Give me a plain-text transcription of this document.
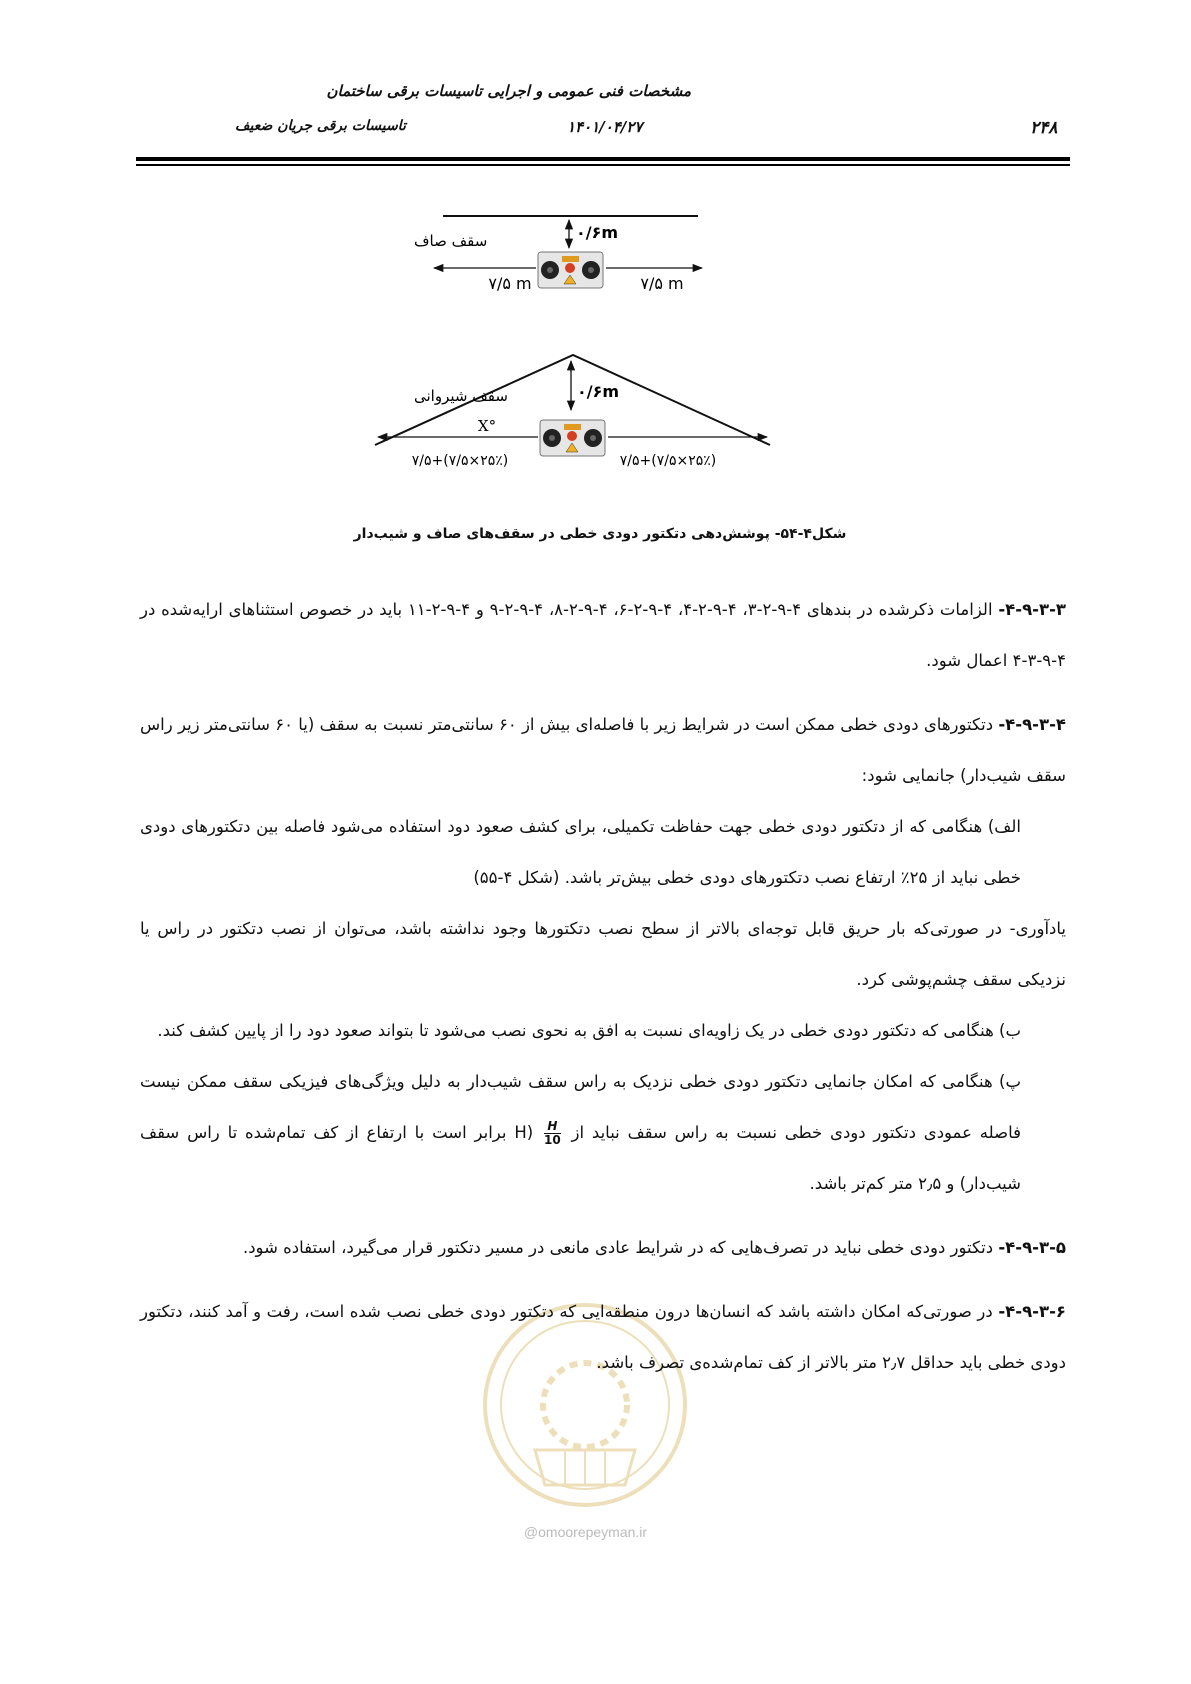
مشخصات فنی عمومی و اجرایی تاسیسات برقی ساختمان
تاسیسات برقی جریان ضعیف	۱۴۰۱/۰۴/۲۷	۲۴۸
۰/۶m
سقف صاف
۷/۵ m	۷/۵ m
۰/۶m
سقف شیروانی
X°
۷/۵+(۷/۵×۲۵٪)	۷/۵+(۷/۵×۲۵٪)
شکل۴-۵۴- پوشش‌دهی دتکتور دودی خطی در سقف‌های صاف و شیب‌دار
@omoorepeyman.ir

۴-۹-۳-۳- الزامات ذکرشده در بندهای ۴-۹-۲-۳، ۴-۹-۲-۴، ۴-۹-۲-۶، ۴-۹-۲-۸، ۴-۹-۲-۹ و ۴-۹-۲-۱۱ باید در خصوص استثناهای ارایه‌شده در ۴-۹-۳-۴ اعمال شود.

۴-۹-۳-۴- دتکتورهای دودی خطی ممکن است در شرایط زیر با فاصله‌ای بیش از ۶۰ سانتی‌متر نسبت به سقف (یا ۶۰ سانتی‌متر زیر راس سقف شیب‌دار) جانمایی شود:

الف) هنگامی که از دتکتور دودی خطی جهت حفاظت تکمیلی، برای کشف صعود دود استفاده می‌شود فاصله بین دتکتورهای دودی خطی نباید از ۲۵٪ ارتفاع نصب دتکتورهای دودی خطی بیش‌تر باشد. (شکل ۴-۵۵)

یادآوری- در صورتی‌که بار حریق قابل توجه‌ای بالاتر از سطح نصب دتکتورها وجود نداشته باشد، می‌توان از نصب دتکتور در راس یا نزدیکی سقف چشم‌پوشی کرد.

ب) هنگامی که دتکتور دودی خطی در یک زاویه‌ای نسبت به افق به نحوی نصب می‌شود تا بتواند صعود دود را از پایین کشف کند.

پ) هنگامی که امکان جانمایی دتکتور دودی خطی نزدیک به راس سقف شیب‌دار به دلیل ویژگی‌های فیزیکی سقف ممکن نیست فاصله عمودی دتکتور دودی خطی نسبت به راس سقف نباید از
$\frac{H}{10}$
(H برابر است با ارتفاع از کف تمام‌شده تا راس سقف شیب‌دار) و ۲٫۵ متر کم‌تر باشد.

۴-۹-۳-۵- دتکتور دودی خطی نباید در تصرف‌هایی که در شرایط عادی مانعی در مسیر دتکتور قرار می‌گیرد، استفاده شود.

۴-۹-۳-۶- در صورتی‌که امکان داشته باشد که انسان‌ها درون منطقه‌ایی که دتکتور دودی خطی نصب شده است، رفت و آمد کنند، دتکتور دودی خطی باید حداقل ۲٫۷ متر بالاتر از کف تمام‌شده‌ی تصرف باشد.
